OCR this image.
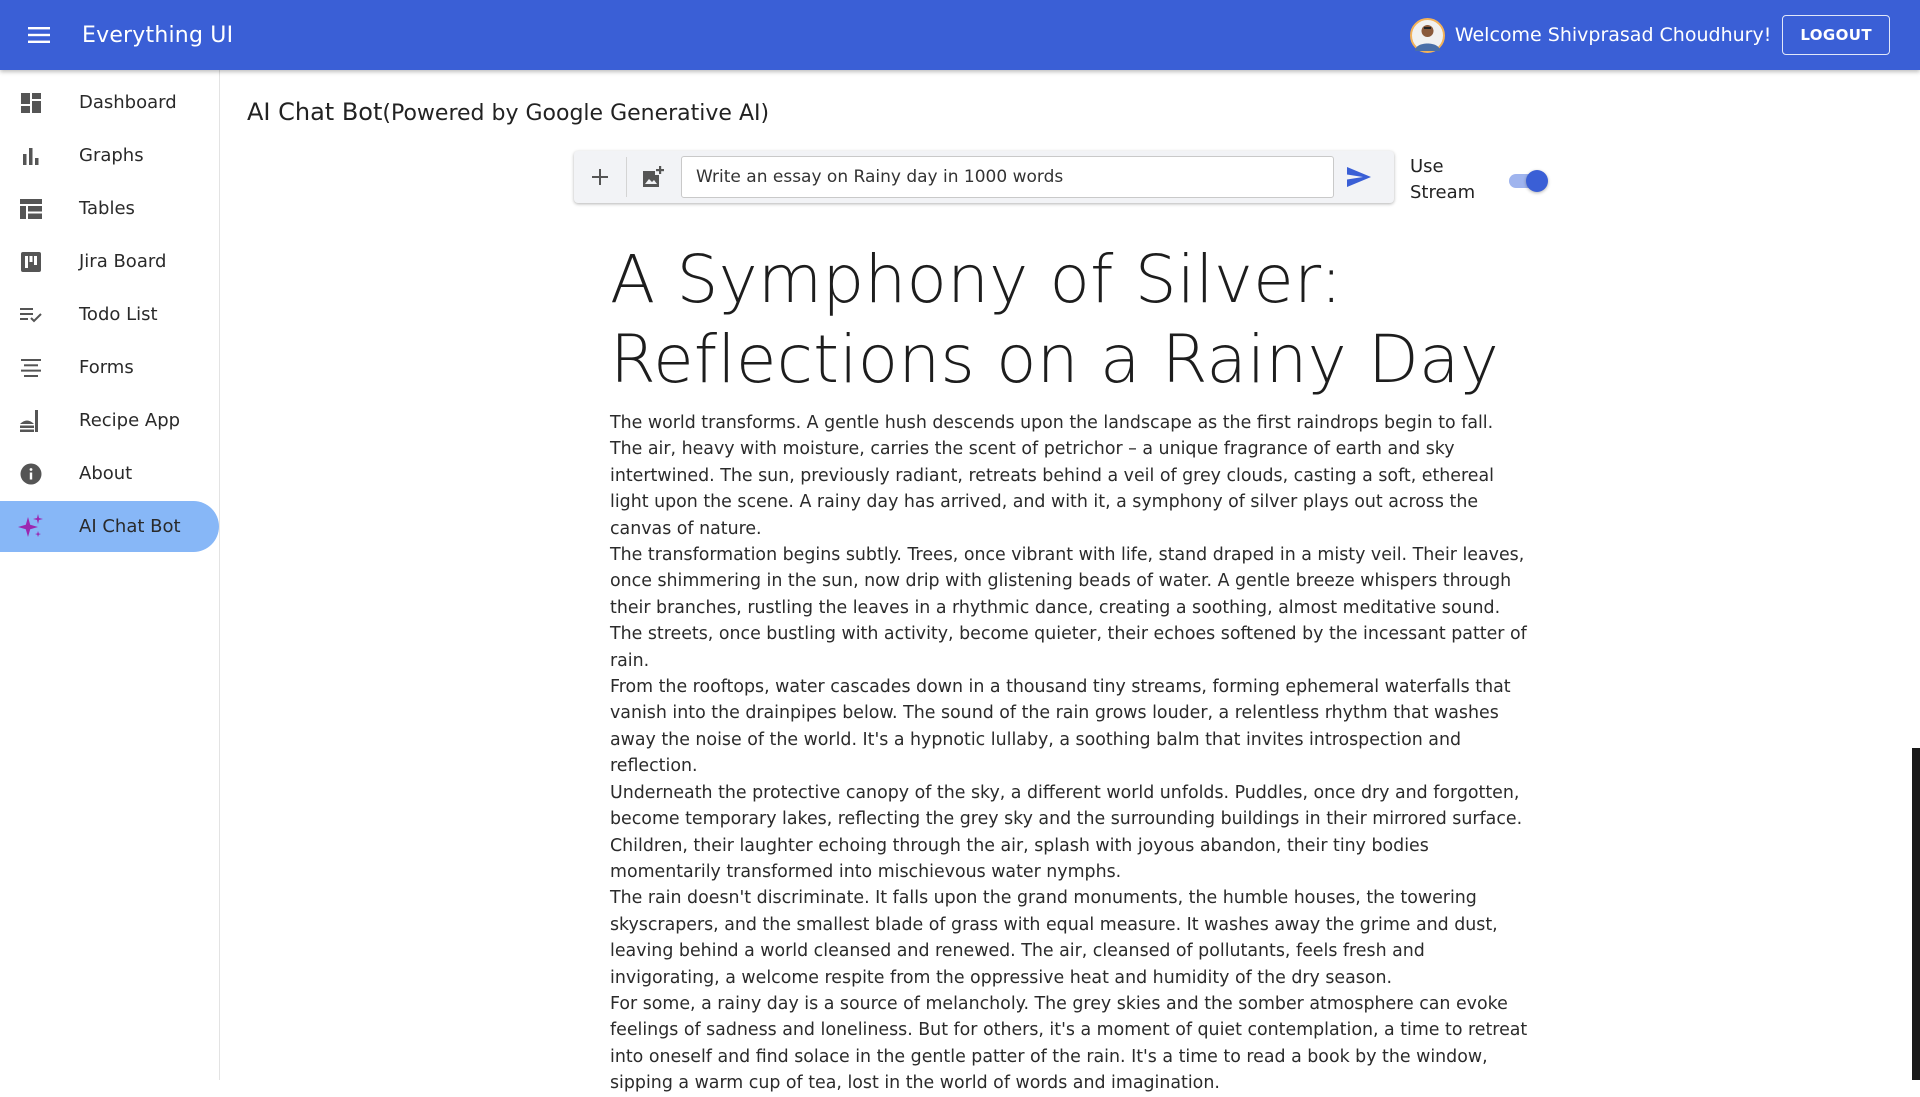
Everything UI	Welcome Shivprasad Choudhury!	LOGOUT
Dashboard
Graphs
Tables
Jira Board
Todo List
Forms
Recipe App
About
AI Chat Bot
AI Chat Bot(Powered by Google Generative AI)
Write an essay on Rainy day in 1000 words
Use Stream
A Symphony of Silver: Reflections on a Rainy Day

The world transforms. A gentle hush descends upon the landscape as the first raindrops begin to fall. The air, heavy with moisture, carries the scent of petrichor – a unique fragrance of earth and sky intertwined. The sun, previously radiant, retreats behind a veil of grey clouds, casting a soft, ethereal light upon the scene. A rainy day has arrived, and with it, a symphony of silver plays out across the canvas of nature.

The transformation begins subtly. Trees, once vibrant with life, stand draped in a misty veil. Their leaves, once shimmering in the sun, now drip with glistening beads of water. A gentle breeze whispers through their branches, rustling the leaves in a rhythmic dance, creating a soothing, almost meditative sound. The streets, once bustling with activity, become quieter, their echoes softened by the incessant patter of rain.

From the rooftops, water cascades down in a thousand tiny streams, forming ephemeral waterfalls that vanish into the drainpipes below. The sound of the rain grows louder, a relentless rhythm that washes away the noise of the world. It's a hypnotic lullaby, a soothing balm that invites introspection and reflection.

Underneath the protective canopy of the sky, a different world unfolds. Puddles, once dry and forgotten, become temporary lakes, reflecting the grey sky and the surrounding buildings in their mirrored surface. Children, their laughter echoing through the air, splash with joyous abandon, their tiny bodies momentarily transformed into mischievous water nymphs.

The rain doesn't discriminate. It falls upon the grand monuments, the humble houses, the towering skyscrapers, and the smallest blade of grass with equal measure. It washes away the grime and dust, leaving behind a world cleansed and renewed. The air, cleansed of pollutants, feels fresh and invigorating, a welcome respite from the oppressive heat and humidity of the dry season.

For some, a rainy day is a source of melancholy. The grey skies and the somber atmosphere can evoke feelings of sadness and loneliness. But for others, it's a moment of quiet contemplation, a time to retreat into oneself and find solace in the gentle patter of the rain. It's a time to read a book by the window, sipping a warm cup of tea, lost in the world of words and imagination.
